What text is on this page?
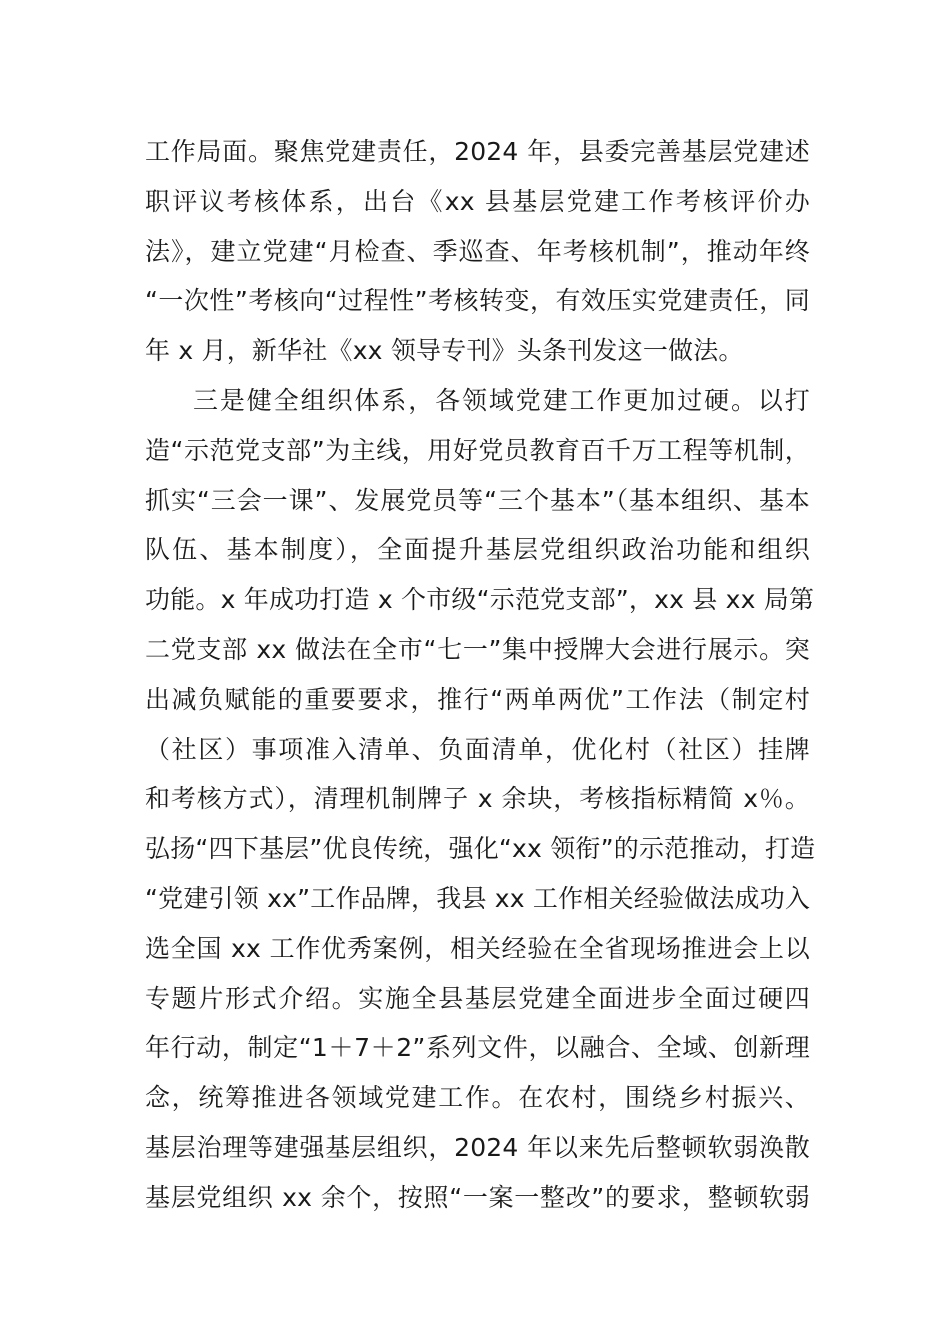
工作局面。聚焦党建责任，2024 年，县委完善基层党建述
职评议考核体系，出台《xx 县基层党建工作考核评价办
法》，建立党建“月检查、季巡查、年考核机制”，推动年终
“一次性”考核向“过程性”考核转变，有效压实党建责任，同
年 x 月，新华社《xx 领导专刊》头条刊发这一做法。
三是健全组织体系，各领域党建工作更加过硬。以打
造“示范党支部”为主线，用好党员教育百千万工程等机制，
抓实“三会一课”、发展党员等“三个基本”（基本组织、基本
队伍、基本制度），全面提升基层党组织政治功能和组织
功能。x 年成功打造 x 个市级“示范党支部”，xx 县 xx 局第
二党支部 xx 做法在全市“七一”集中授牌大会进行展示。突
出减负赋能的重要要求，推行“两单两优”工作法（制定村
（社区）事项准入清单、负面清单，优化村（社区）挂牌
和考核方式），清理机制牌子 x 余块，考核指标精简 x％。
弘扬“四下基层”优良传统，强化“xx 领衔”的示范推动，打造
“党建引领 xx”工作品牌，我县 xx 工作相关经验做法成功入
选全国 xx 工作优秀案例，相关经验在全省现场推进会上以
专题片形式介绍。实施全县基层党建全面进步全面过硬四
年行动，制定“1＋7＋2”系列文件，以融合、全域、创新理
念，统筹推进各领域党建工作。在农村，围绕乡村振兴、
基层治理等建强基层组织，2024 年以来先后整顿软弱涣散
基层党组织 xx 余个，按照“一案一整改”的要求，整顿软弱
